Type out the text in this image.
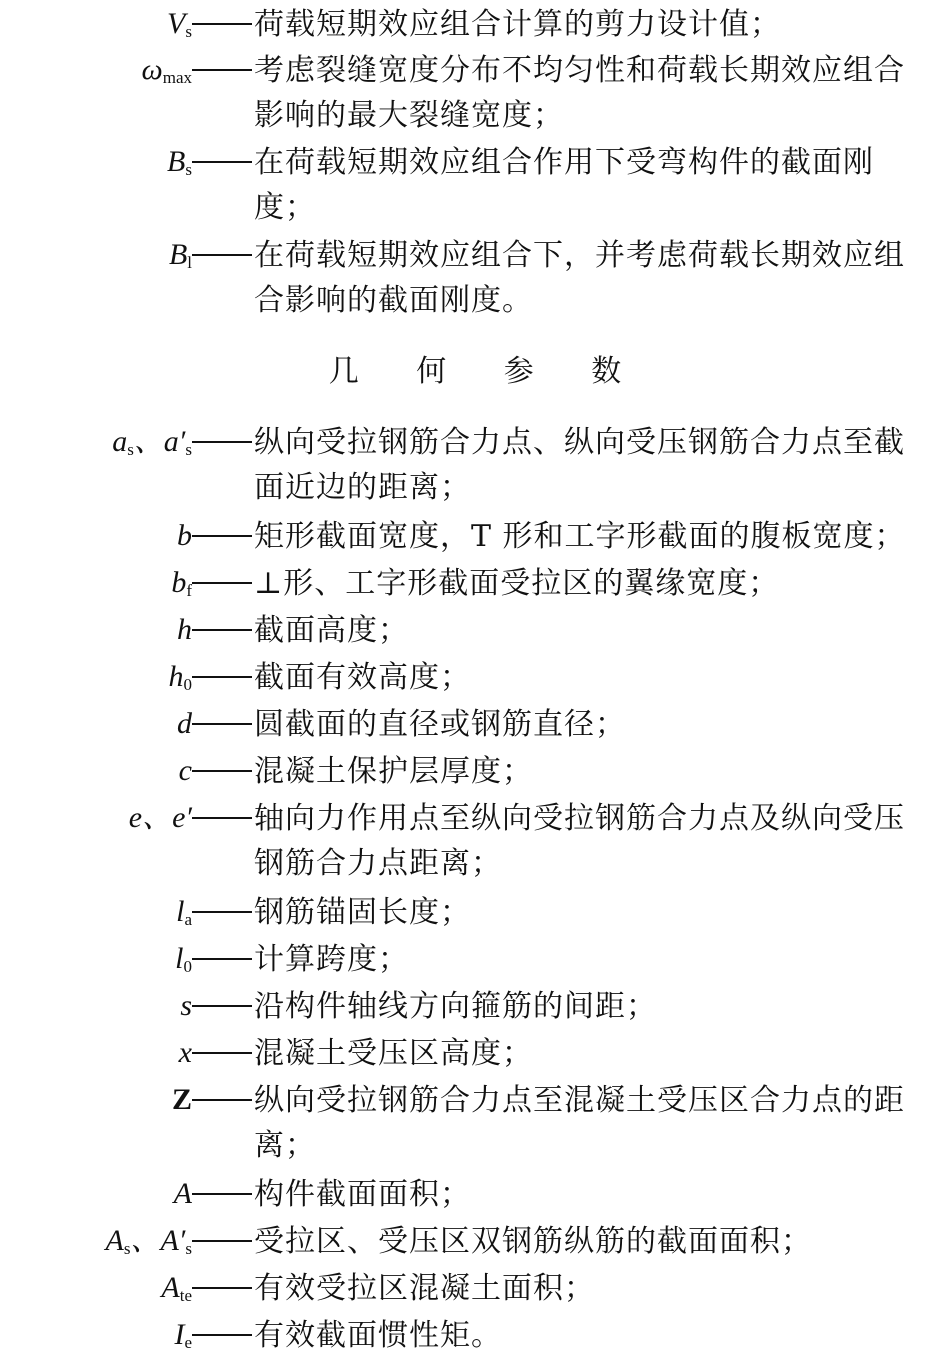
$V_s$ 荷载短期效应组合计算的剪力设计值；
$\omega_{max}$ 考虑裂缝宽度分布不均匀性和荷载长期效应组合影响的最大裂缝宽度；
$B_s$ 在荷载短期效应组合作用下受弯构件的截面刚度；
$B_l$ 在荷载短期效应组合下，并考虑荷载长期效应组合影响的截面刚度。
几 何 参 数
$a_s$、$a'_s$ 纵向受拉钢筋合力点、纵向受压钢筋合力点至截面近边的距离；
b 矩形截面宽度，T 形和工字形截面的腹板宽度；
$b_f$ ⊥形、工字形截面受拉区的翼缘宽度；
h 截面高度；
$h_0$ 截面有效高度；
d 圆截面的直径或钢筋直径；
c 混凝土保护层厚度；
e、e′ 轴向力作用点至纵向受拉钢筋合力点及纵向受压钢筋合力点距离；
$l_a$ 钢筋锚固长度；
$l_0$ 计算跨度；
s 沿构件轴线方向箍筋的间距；
x 混凝土受压区高度；
Z 纵向受拉钢筋合力点至混凝土受压区合力点的距离；
A 构件截面面积；
$A_s$、$A'_s$ 受拉区、受压区双钢筋纵筋的截面面积；
$A_{te}$ 有效受拉区混凝土面积；
$I_e$ 有效截面惯性矩。
